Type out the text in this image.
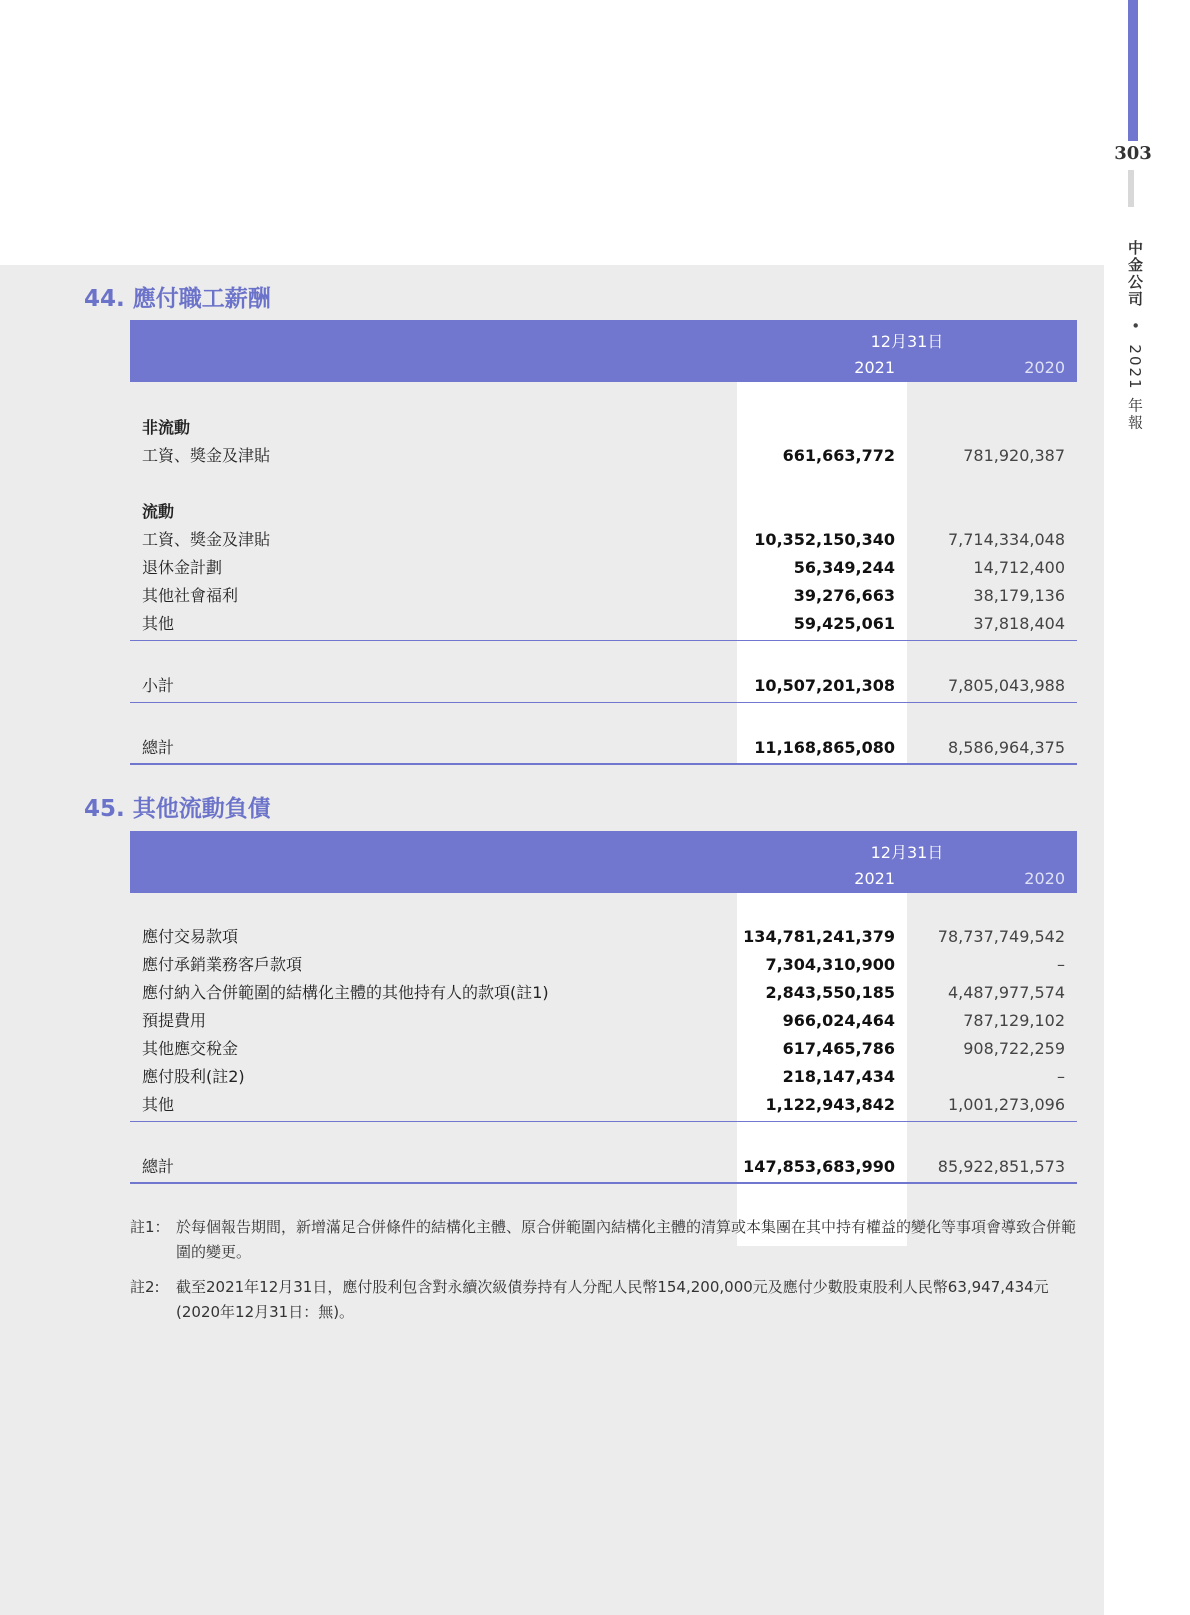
303
中金公司 • 2021 年報
44. 應付職工薪酬
12月31日
2021	2020
非流動
工資、獎金及津貼	661,663,772	781,920,387
流動
工資、獎金及津貼	10,352,150,340	7,714,334,048
退休金計劃	56,349,244	14,712,400
其他社會福利	39,276,663	38,179,136
其他	59,425,061	37,818,404
小計	10,507,201,308	7,805,043,988
總計	11,168,865,080	8,586,964,375
45. 其他流動負債
12月31日
2021	2020
應付交易款項	134,781,241,379	78,737,749,542
應付承銷業務客戶款項	7,304,310,900	–
應付納入合併範圍的結構化主體的其他持有人的款項(註1)	2,843,550,185	4,487,977,574
預提費用	966,024,464	787,129,102
其他應交稅金	617,465,786	908,722,259
應付股利(註2)	218,147,434	–
其他	1,122,943,842	1,001,273,096
總計	147,853,683,990	85,922,851,573
註1： 於每個報告期間，新增滿足合併條件的結構化主體、原合併範圍內結構化主體的清算或本集團在其中持有權益的變化等事項會導致合併範圍的變更。
註2: 截至2021年12月31日，應付股利包含對永續次級債券持有人分配人民幣154,200,000元及應付少數股東股利人民幣63,947,434元(2020年12月31日：無)。
